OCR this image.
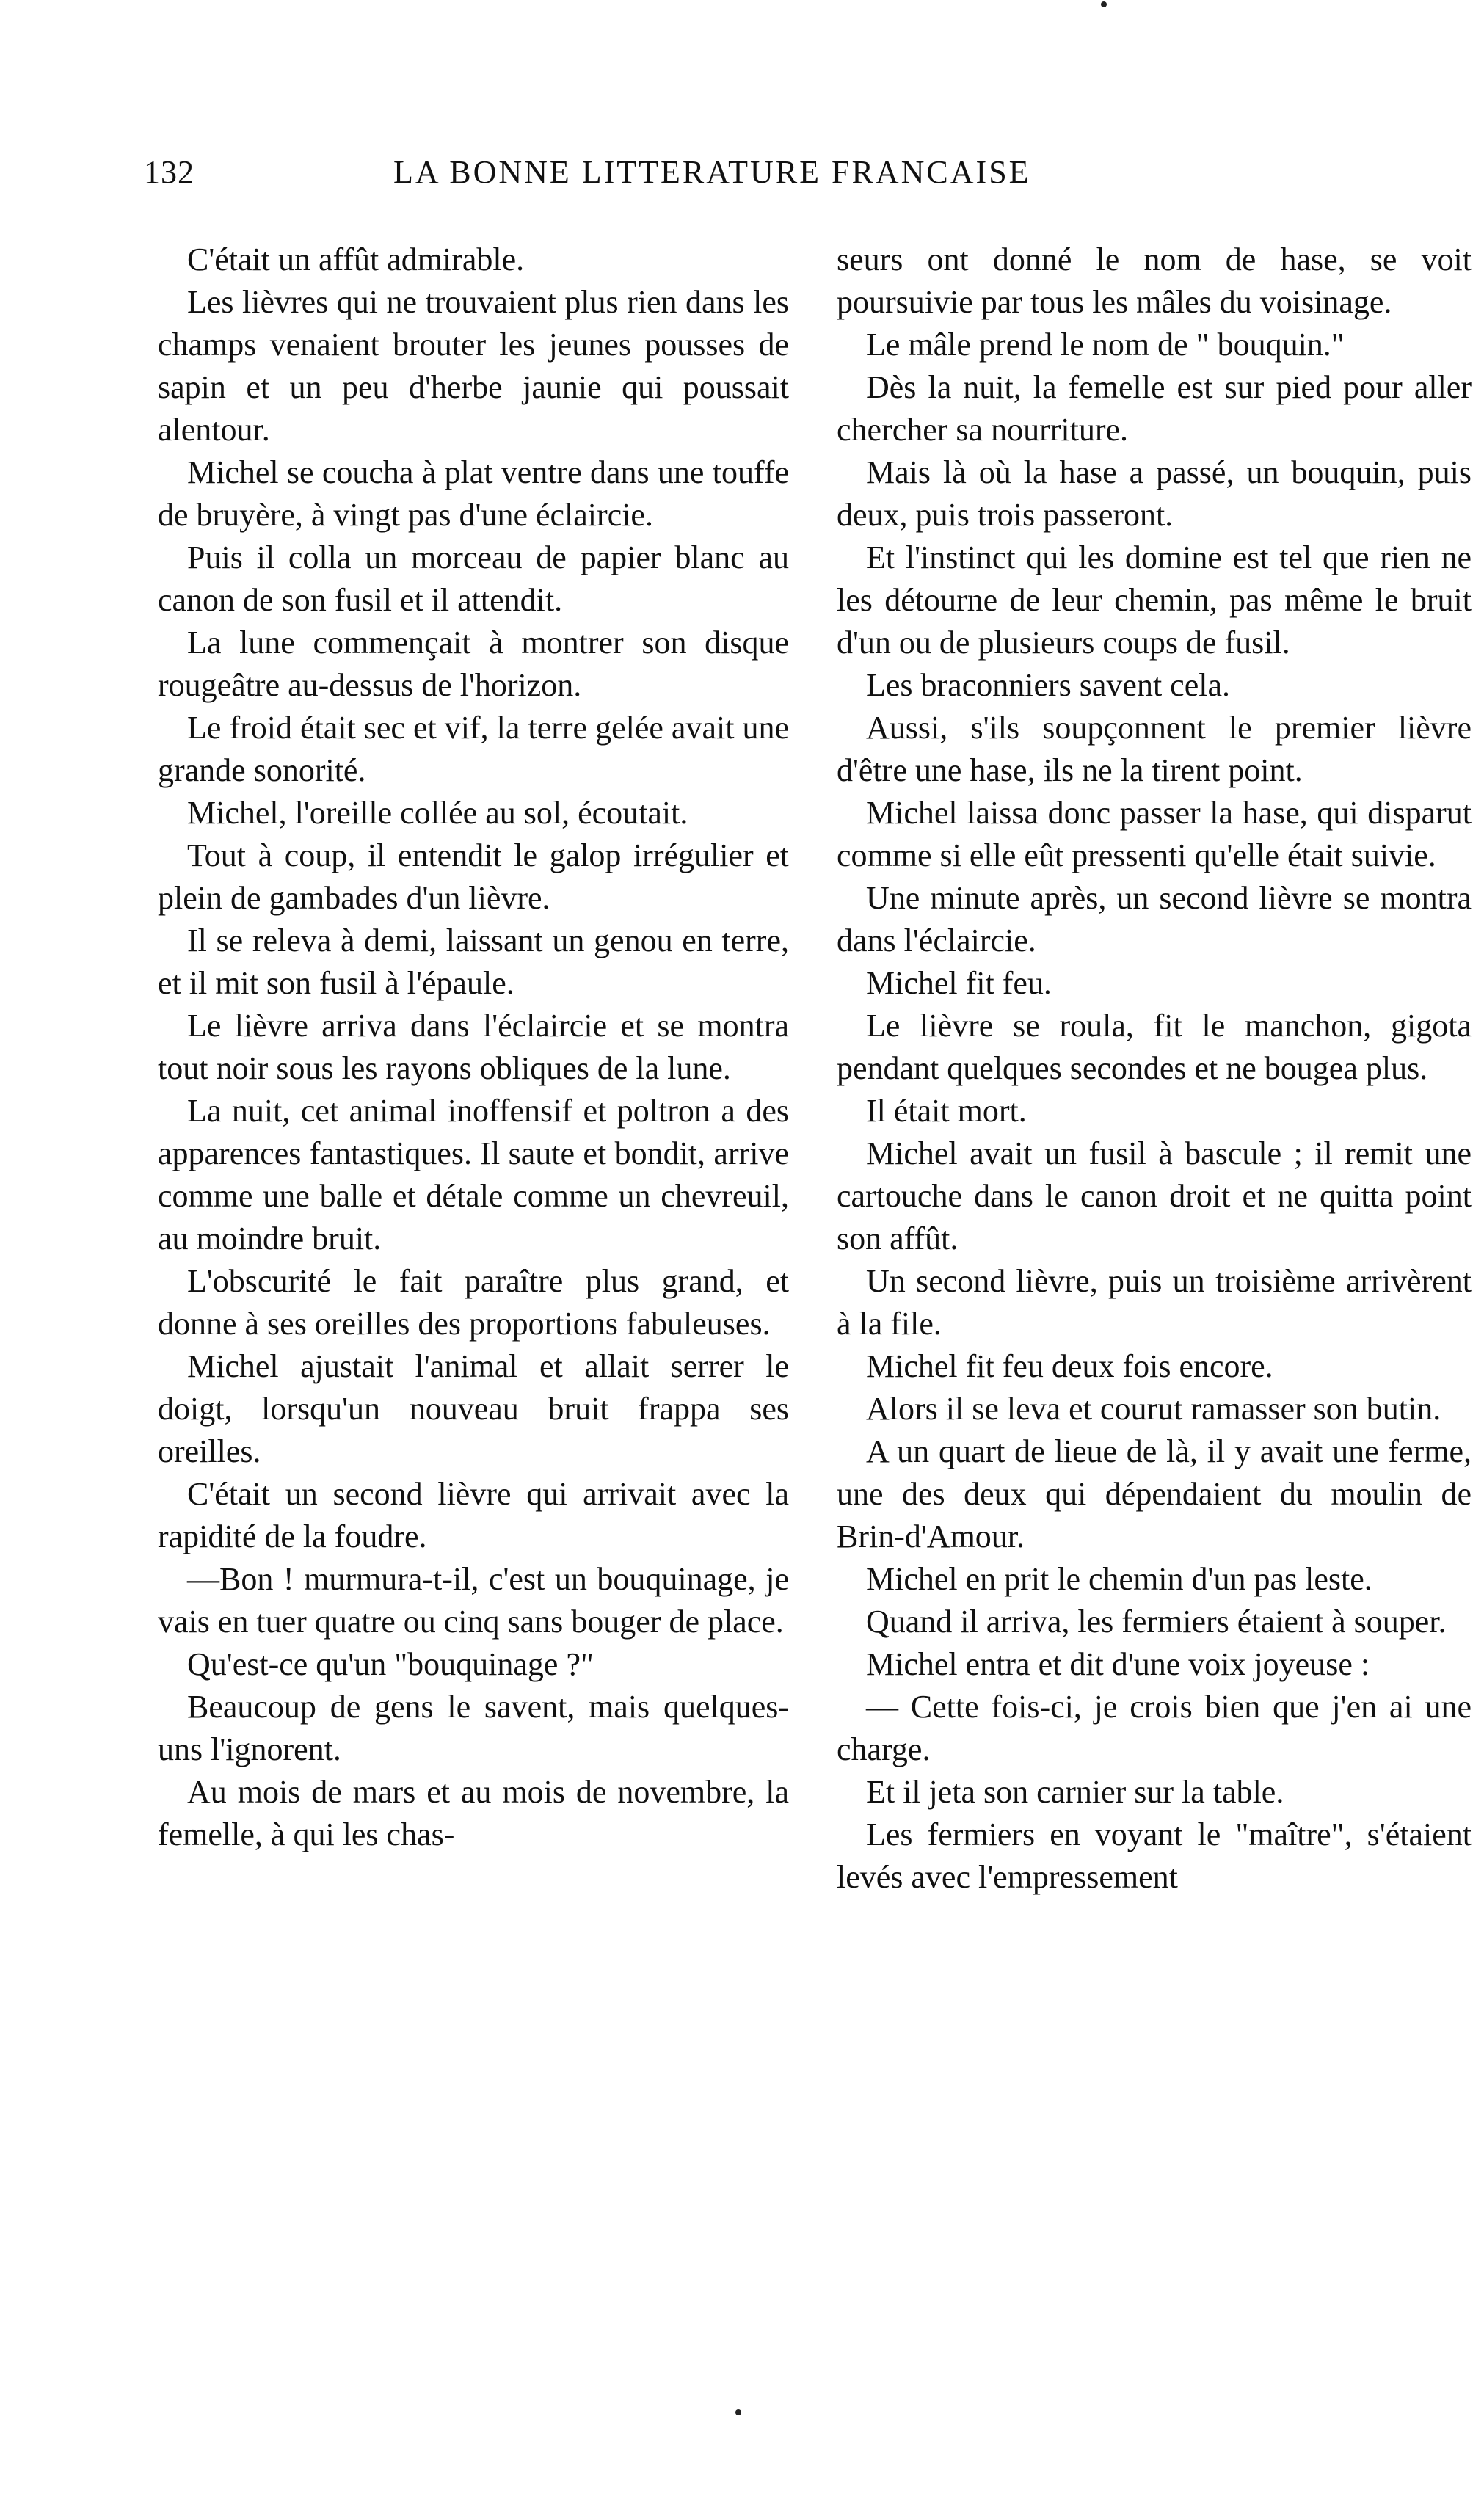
132	LA BONNE LITTERATURE FRANCAISE

C'était un affût admirable.

Les lièvres qui ne trouvaient plus rien dans les champs venaient brouter les jeunes pousses de sapin et un peu d'herbe jaunie qui poussait alentour.

Michel se coucha à plat ventre dans une touffe de bruyère, à vingt pas d'une éclaircie.

Puis il colla un morceau de papier blanc au canon de son fusil et il attendit.

La lune commençait à montrer son disque rougeâtre au-dessus de l'horizon.

Le froid était sec et vif, la terre gelée avait une grande sonorité.

Michel, l'oreille collée au sol, écoutait.

Tout à coup, il entendit le galop irrégulier et plein de gambades d'un lièvre.

Il se releva à demi, laissant un genou en terre, et il mit son fusil à l'épaule.

Le lièvre arriva dans l'éclaircie et se montra tout noir sous les rayons obliques de la lune.

La nuit, cet animal inoffensif et poltron a des apparences fantastiques. Il saute et bondit, arrive comme une balle et détale comme un chevreuil, au moindre bruit.

L'obscurité le fait paraître plus grand, et donne à ses oreilles des proportions fabuleuses.

Michel ajustait l'animal et allait serrer le doigt, lorsqu'un nouveau bruit frappa ses oreilles.

C'était un second lièvre qui arrivait avec la rapidité de la foudre.

—Bon ! murmura-t-il, c'est un bouquinage, je vais en tuer quatre ou cinq sans bouger de place.

Qu'est-ce qu'un "bouquinage ?"

Beaucoup de gens le savent, mais quelques-uns l'ignorent.

Au mois de mars et au mois de novembre, la femelle, à qui les chas-

seurs ont donné le nom de hase, se voit poursuivie par tous les mâles du voisinage.

Le mâle prend le nom de " bouquin."

Dès la nuit, la femelle est sur pied pour aller chercher sa nourriture.

Mais là où la hase a passé, un bouquin, puis deux, puis trois passeront.

Et l'instinct qui les domine est tel que rien ne les détourne de leur chemin, pas même le bruit d'un ou de plusieurs coups de fusil.

Les braconniers savent cela.

Aussi, s'ils soupçonnent le premier lièvre d'être une hase, ils ne la tirent point.

Michel laissa donc passer la hase, qui disparut comme si elle eût pressenti qu'elle était suivie.

Une minute après, un second lièvre se montra dans l'éclaircie.

Michel fit feu.

Le lièvre se roula, fit le manchon, gigota pendant quelques secondes et ne bougea plus.

Il était mort.

Michel avait un fusil à bascule ; il remit une cartouche dans le canon droit et ne quitta point son affût.

Un second lièvre, puis un troisième arrivèrent à la file.

Michel fit feu deux fois encore.

Alors il se leva et courut ramasser son butin.

A un quart de lieue de là, il y avait une ferme, une des deux qui dépendaient du moulin de Brin-d'Amour.

Michel en prit le chemin d'un pas leste.

Quand il arriva, les fermiers étaient à souper.

Michel entra et dit d'une voix joyeuse :

— Cette fois-ci, je crois bien que j'en ai une charge.

Et il jeta son carnier sur la table.

Les fermiers en voyant le "maître", s'étaient levés avec l'empressement
